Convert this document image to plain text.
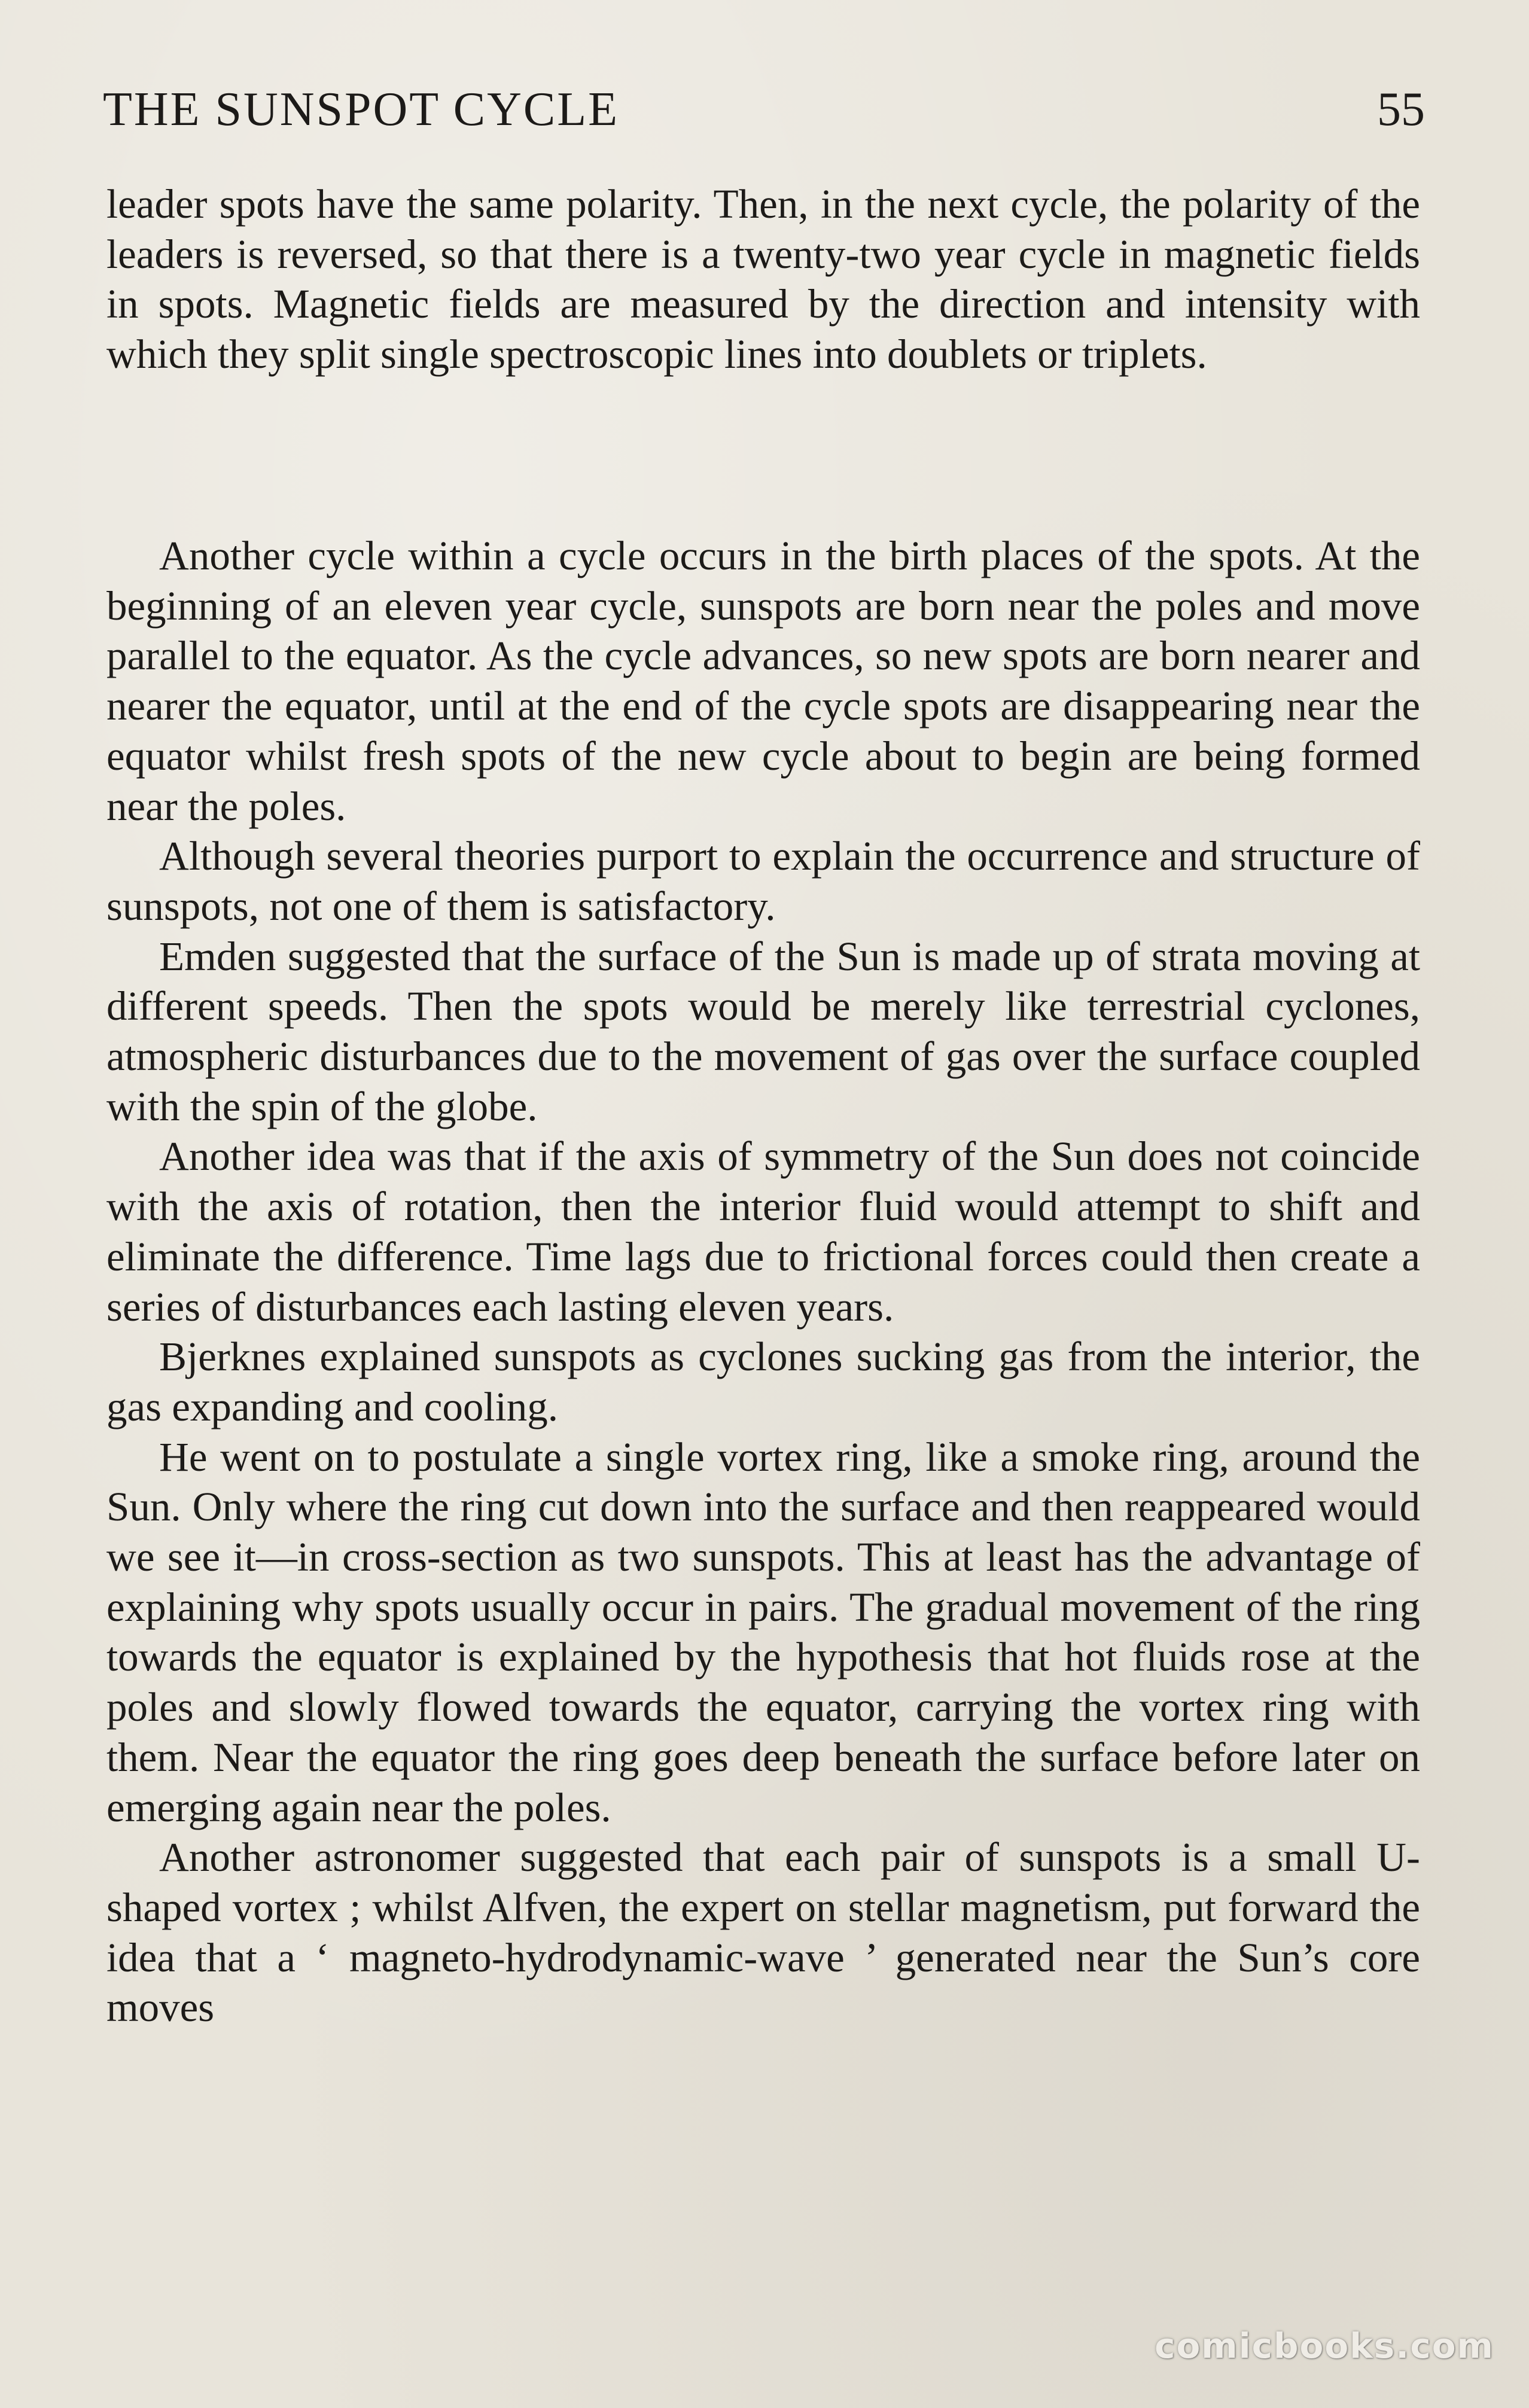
THE SUNSPOT CYCLE	55

leader spots have the same polarity. Then, in the next cycle, the polarity of the leaders is reversed, so that there is a twenty-two year cycle in magnetic fields in spots. Magnetic fields are measured by the direction and intensity with which they split single spectroscopic lines into doublets or triplets.

Another cycle within a cycle occurs in the birth places of the spots. At the beginning of an eleven year cycle, sunspots are born near the poles and move parallel to the equator. As the cycle advances, so new spots are born nearer and nearer the equator, until at the end of the cycle spots are disappearing near the equator whilst fresh spots of the new cycle about to begin are being formed near the poles.

Although several theories purport to explain the occurrence and structure of sunspots, not one of them is satisfactory.

Emden suggested that the surface of the Sun is made up of strata moving at different speeds. Then the spots would be merely like terrestrial cyclones, atmospheric disturbances due to the movement of gas over the surface coupled with the spin of the globe.

Another idea was that if the axis of symmetry of the Sun does not coincide with the axis of rotation, then the interior fluid would attempt to shift and eliminate the difference. Time lags due to frictional forces could then create a series of disturbances each lasting eleven years.

Bjerknes explained sunspots as cyclones sucking gas from the interior, the gas expanding and cooling.

He went on to postulate a single vortex ring, like a smoke ring, around the Sun. Only where the ring cut down into the surface and then reappeared would we see it—in cross-section as two sunspots. This at least has the advantage of explaining why spots usually occur in pairs. The gradual movement of the ring towards the equator is explained by the hypothesis that hot fluids rose at the poles and slowly flowed towards the equator, carrying the vortex ring with them. Near the equator the ring goes deep beneath the surface before later on emerging again near the poles.

Another astronomer suggested that each pair of sunspots is a small U-shaped vortex ; whilst Alfven, the expert on stellar magnetism, put forward the idea that a ‘ magneto-hydrodynamic-wave ’ generated near the Sun’s core moves

comicbooks.com
